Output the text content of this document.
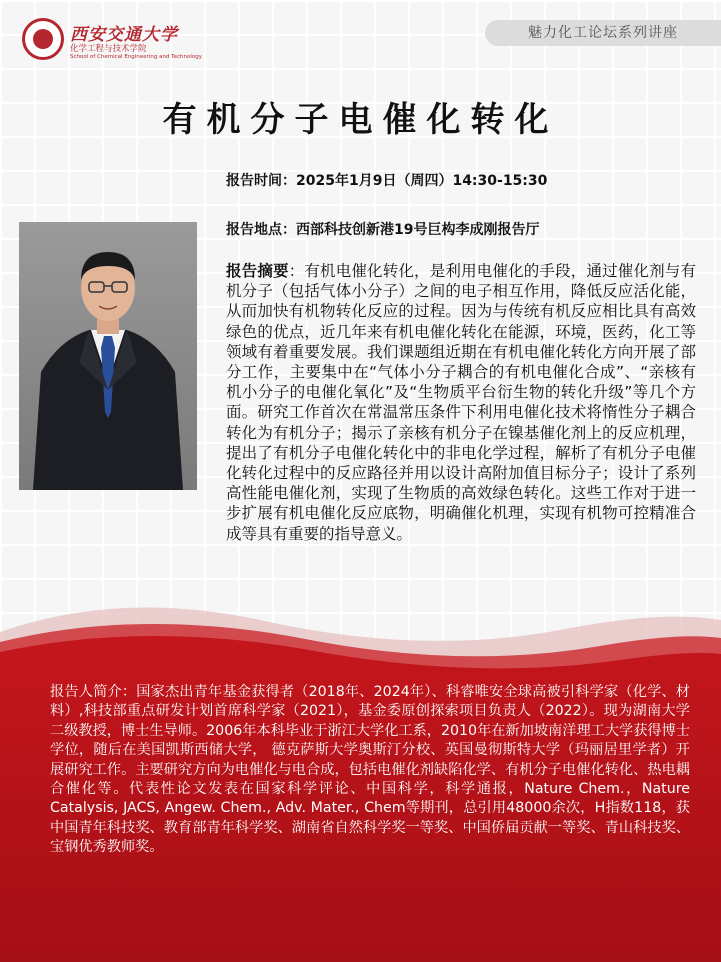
西安交通大学
化学工程与技术学院
School of Chemical Engineering and Technology
魅力化工论坛系列讲座
有机分子电催化转化
报告时间：2025年1月9日（周四）14:30-15:30
报告地点：西部科技创新港19号巨构李成刚报告厅
报告摘要：有机电催化转化，是利用电催化的手段，通过催化剂与有机分子（包括气体小分子）之间的电子相互作用，降低反应活化能，从而加快有机物转化反应的过程。因为与传统有机反应相比具有高效绿色的优点，近几年来有机电催化转化在能源，环境，医药，化工等领域有着重要发展。我们课题组近期在有机电催化转化方向开展了部分工作，主要集中在“气体小分子耦合的有机电催化合成”、“亲核有机小分子的电催化氧化”及“生物质平台衍生物的转化升级”等几个方面。研究工作首次在常温常压条件下利用电催化技术将惰性分子耦合转化为有机分子；揭示了亲核有机分子在镍基催化剂上的反应机理，提出了有机分子电催化转化中的非电化学过程，解析了有机分子电催化转化过程中的反应路径并用以设计高附加值目标分子；设计了系列高性能电催化剂，实现了生物质的高效绿色转化。这些工作对于进一步扩展有机电催化反应底物，明确催化机理，实现有机物可控精准合成等具有重要的指导意义。
报告人简介：国家杰出青年基金获得者（2018年、2024年）、科睿唯安全球高被引科学家（化学、材料）,科技部重点研发计划首席科学家（2021），基金委原创探索项目负责人（2022）。现为湖南大学二级教授，博士生导师。2006年本科毕业于浙江大学化工系，2010年在新加坡南洋理工大学获得博士学位，随后在美国凯斯西储大学， 德克萨斯大学奥斯汀分校、英国曼彻斯特大学（玛丽居里学者）开展研究工作。主要研究方向为电催化与电合成，包括电催化剂缺陷化学、有机分子电催化转化、热电耦合催化等。代表性论文发表在国家科学评论、中国科学，科学通报，Nature Chem.，Nature Catalysis, JACS, Angew. Chem., Adv. Mater., Chem等期刊，总引用48000余次，H指数118，获中国青年科技奖、教育部青年科学奖、湖南省自然科学奖一等奖、中国侨届贡献一等奖、青山科技奖、宝钢优秀教师奖。
